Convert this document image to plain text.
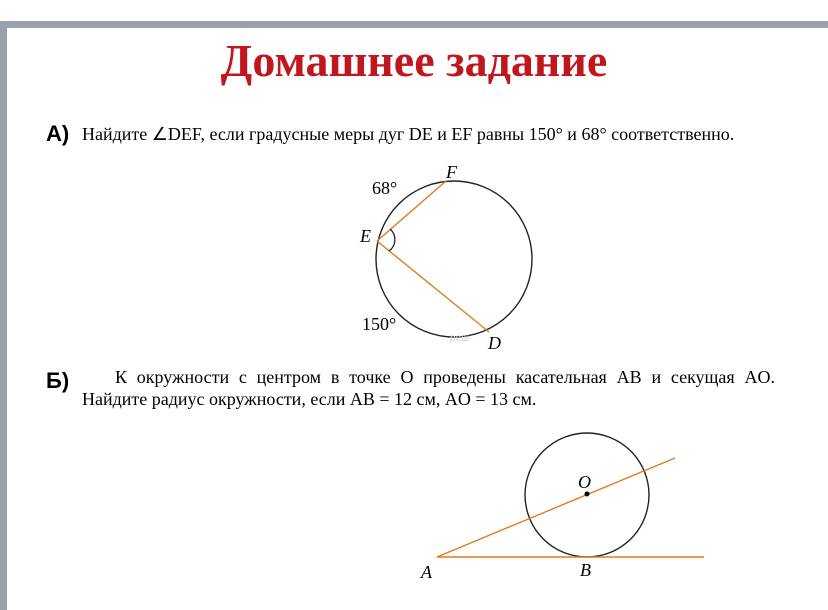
Домашнее задание
А) Найдите ∠DEF, если градусные меры дуг DE и EF равны 150° и 68° соответственно.
Б)	К окружности с центром в точке O проведены касательная AB и секущая AO.
Найдите радиус окружности, если AB = 12 см, AO = 13 см.
68°
F
E
150°
D
реш
O
A	B
